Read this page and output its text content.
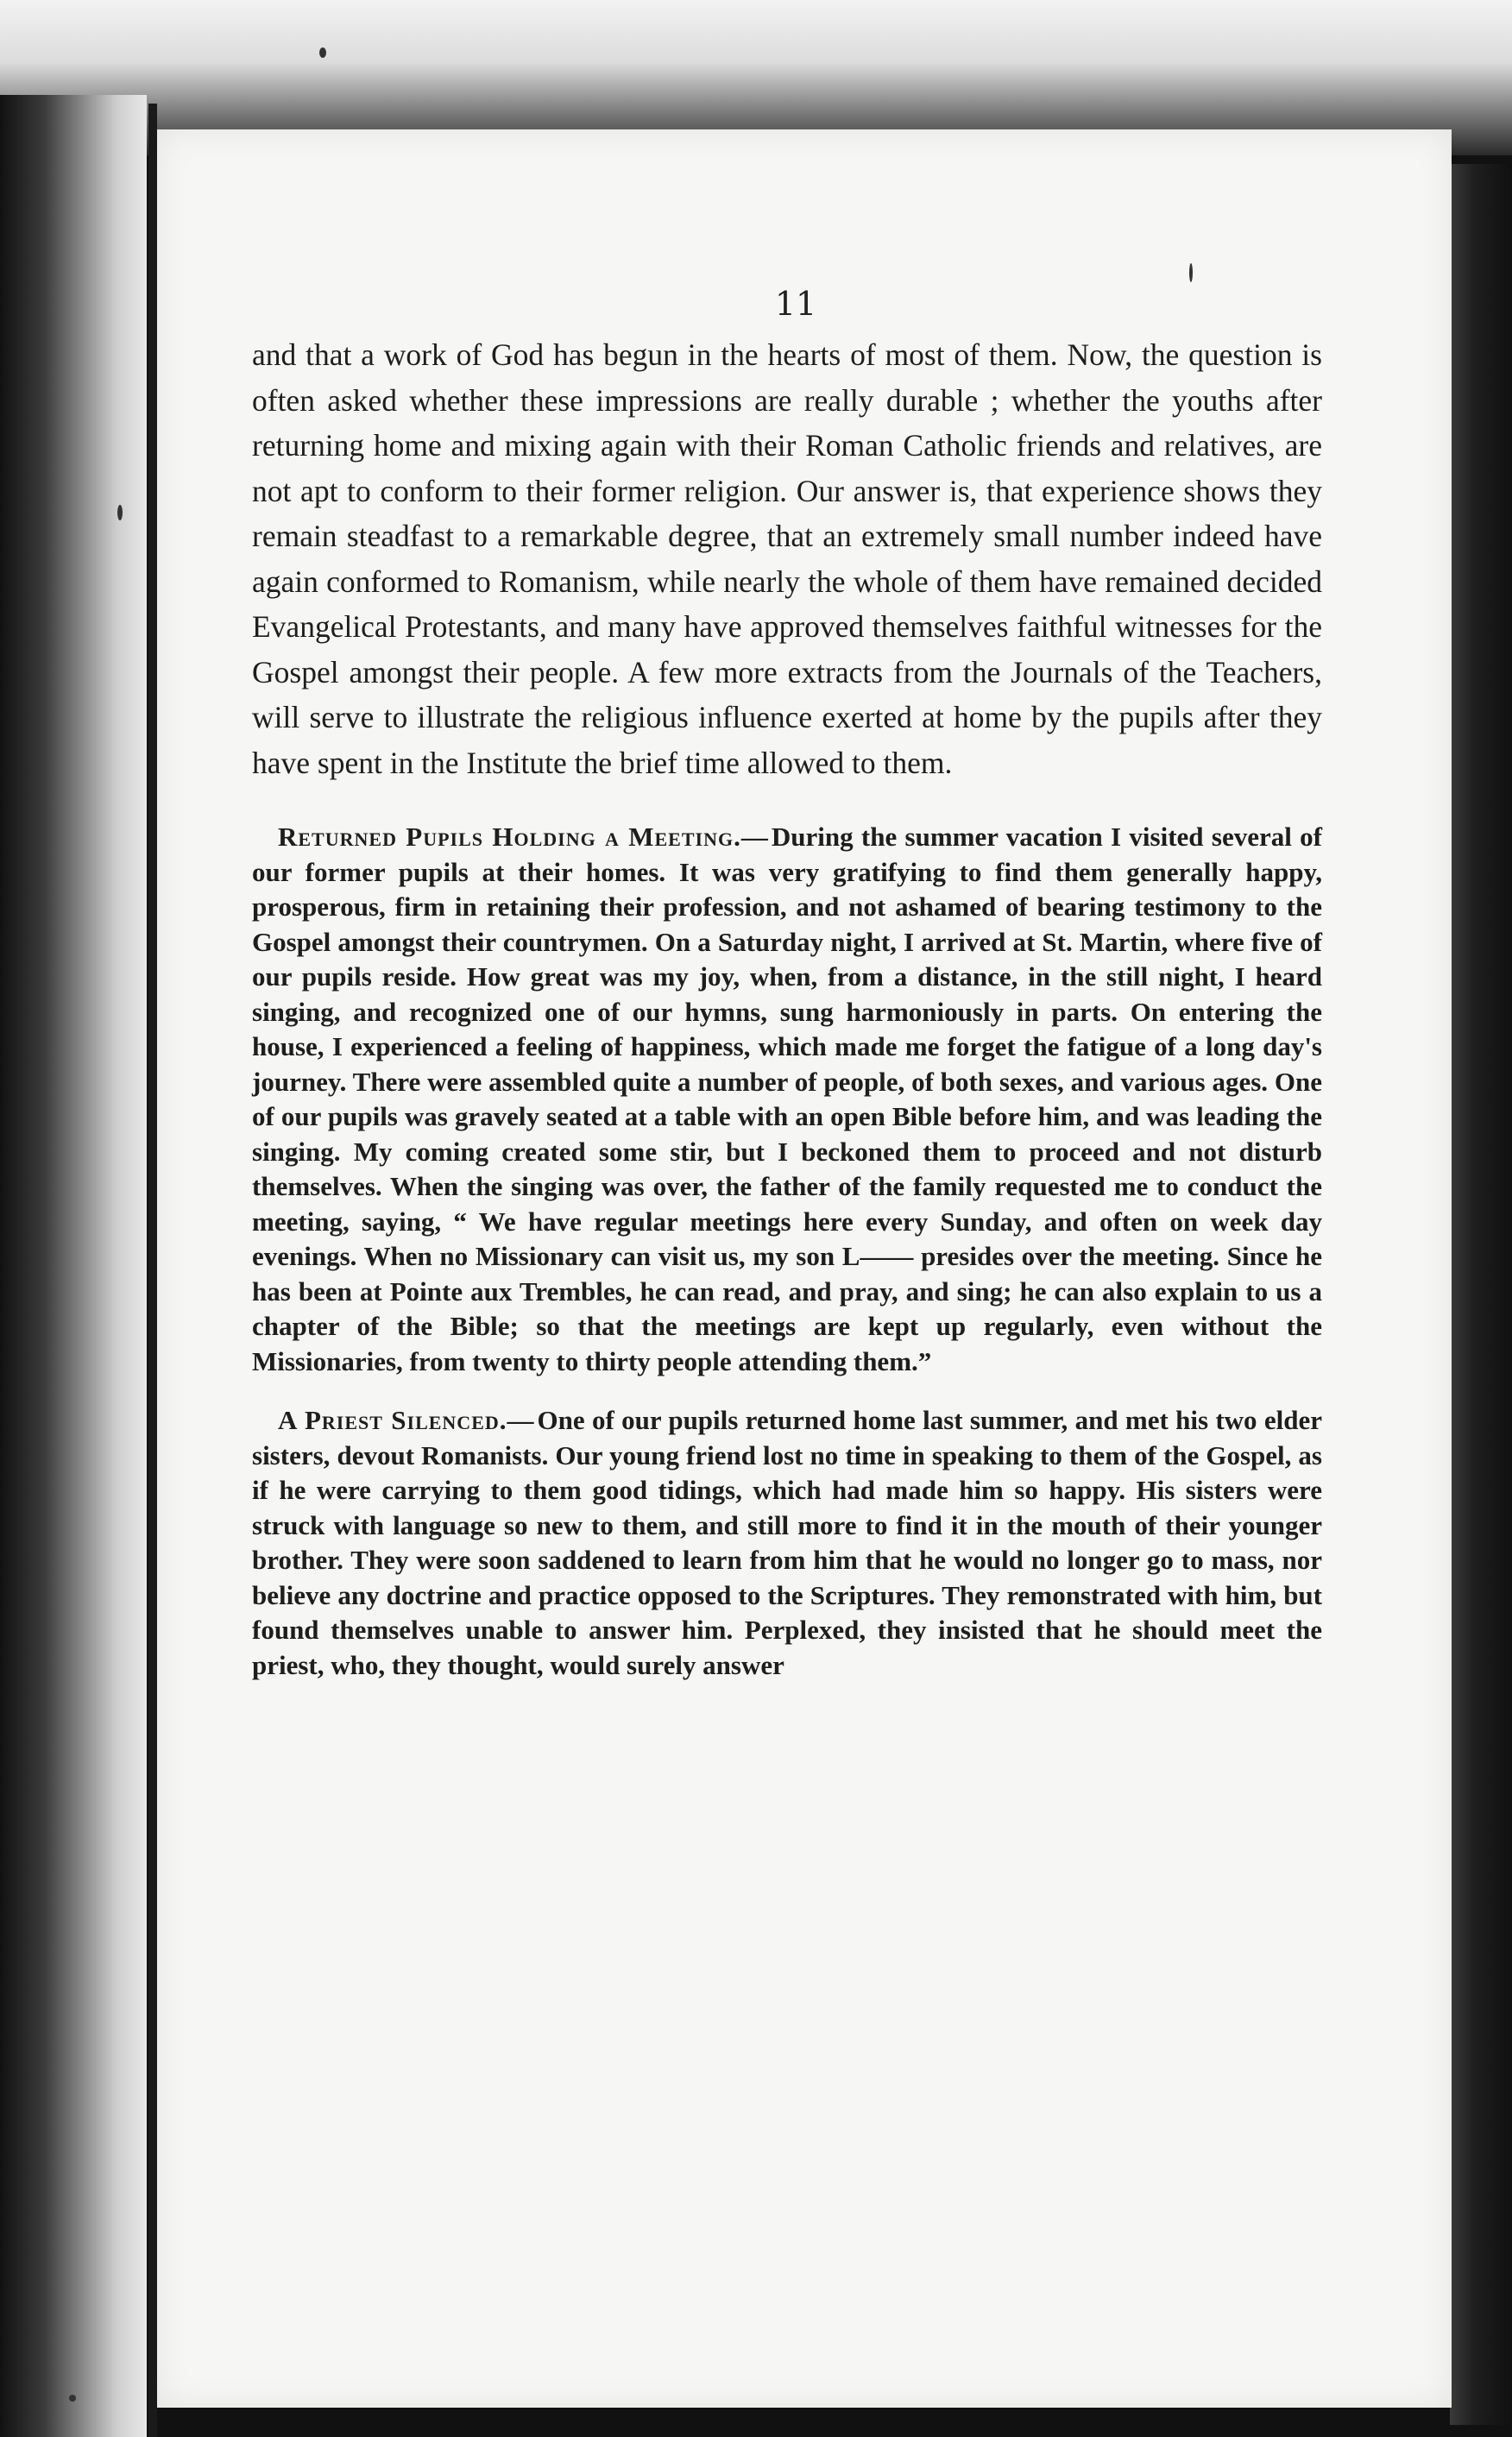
11

and that a work of God has begun in the hearts of most of them. Now, the question is often asked whether these impressions are really durable ; whether the youths after returning home and mixing again with their Roman Catholic friends and relatives, are not apt to conform to their former religion. Our answer is, that experience shows they remain steadfast to a remarkable degree, that an extremely small number indeed have again conformed to Romanism, while nearly the whole of them have remained decided Evangelical Protestants, and many have approved themselves faithful witnesses for the Gospel amongst their people. A few more extracts from the Journals of the Teachers, will serve to illustrate the religious influence exerted at home by the pupils after they have spent in the Institute the brief time allowed to them.

Returned Pupils Holding a Meeting.— During the summer vacation I visited several of our former pupils at their homes. It was very gratifying to find them generally happy, prosperous, firm in retaining their profession, and not ashamed of bearing testimony to the Gospel amongst their countrymen. On a Saturday night, I arrived at St. Martin, where five of our pupils reside. How great was my joy, when, from a distance, in the still night, I heard singing, and recognized one of our hymns, sung harmoniously in parts. On entering the house, I experienced a feeling of happiness, which made me forget the fatigue of a long day's journey. There were assembled quite a number of people, of both sexes, and various ages. One of our pupils was gravely seated at a table with an open Bible before him, and was leading the singing. My coming created some stir, but I beckoned them to proceed and not disturb themselves. When the singing was over, the father of the family requested me to conduct the meeting, saying, “ We have regular meetings here every Sunday, and often on week day evenings. When no Missionary can visit us, my son L—— presides over the meeting. Since he has been at Pointe aux Trembles, he can read, and pray, and sing; he can also explain to us a chapter of the Bible; so that the meetings are kept up regularly, even without the Missionaries, from twenty to thirty people attending them.”

A Priest Silenced.— One of our pupils returned home last summer, and met his two elder sisters, devout Romanists. Our young friend lost no time in speaking to them of the Gospel, as if he were carrying to them good tidings, which had made him so happy. His sisters were struck with language so new to them, and still more to find it in the mouth of their younger brother. They were soon saddened to learn from him that he would no longer go to mass, nor believe any doctrine and practice opposed to the Scriptures. They remonstrated with him, but found themselves unable to answer him. Perplexed, they insisted that he should meet the priest, who, they thought, would surely answer
